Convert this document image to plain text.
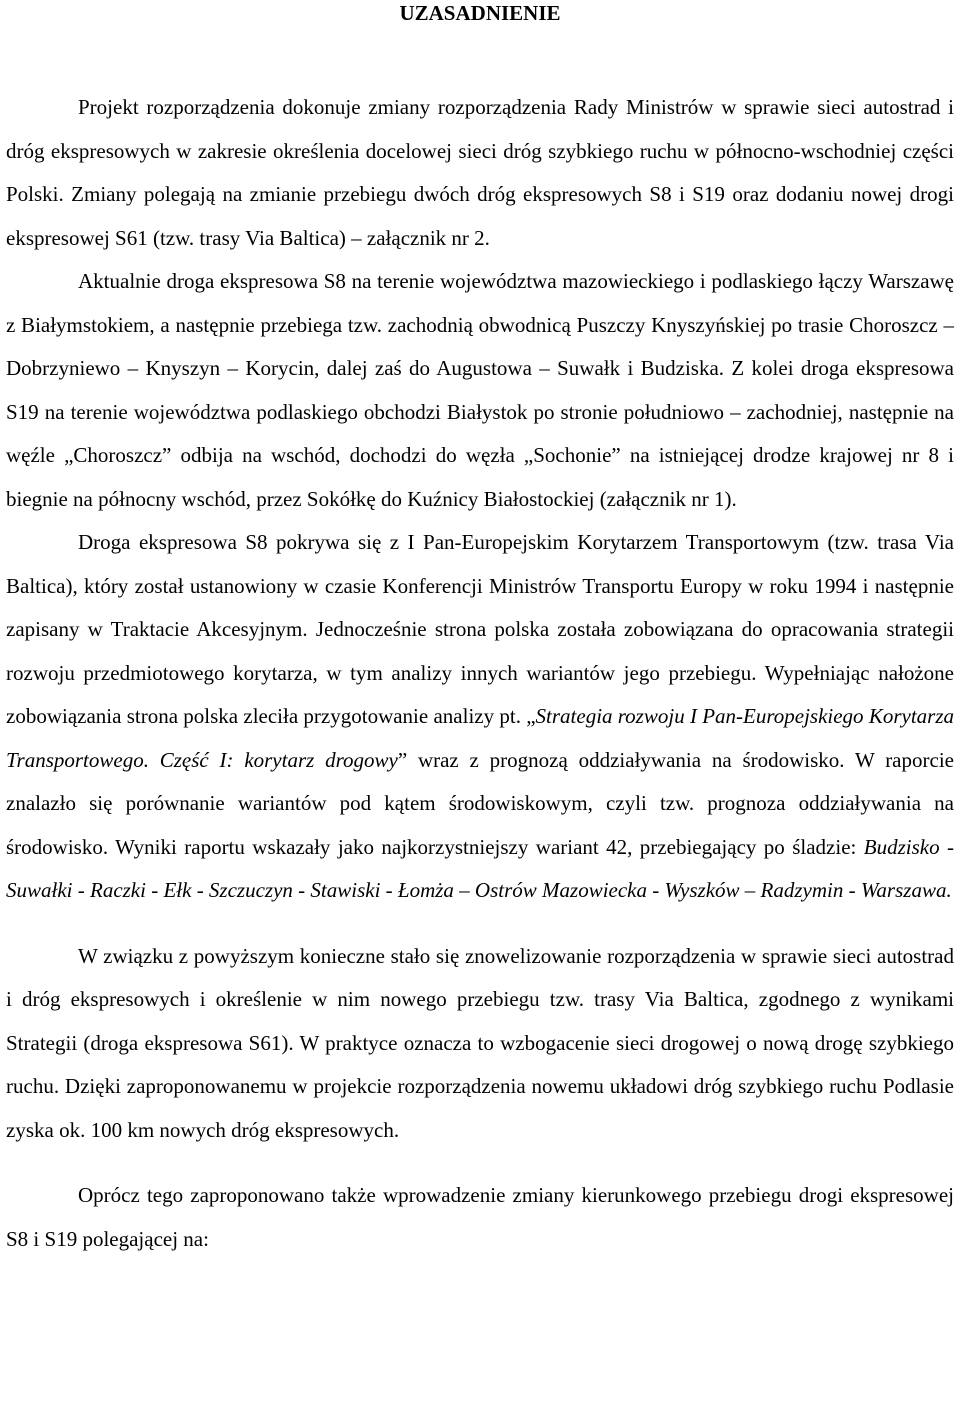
UZASADNIENIE

Projekt rozporządzenia dokonuje zmiany rozporządzenia Rady Ministrów w sprawie sieci autostrad i dróg ekspresowych w zakresie określenia docelowej sieci dróg szybkiego ruchu w północno-wschodniej części Polski. Zmiany polegają na zmianie przebiegu dwóch dróg ekspresowych S8 i S19 oraz dodaniu nowej drogi ekspresowej S61 (tzw. trasy Via Baltica) – załącznik nr 2.

Aktualnie droga ekspresowa S8 na terenie województwa mazowieckiego i podlaskiego łączy Warszawę z Białymstokiem, a następnie przebiega tzw. zachodnią obwodnicą Puszczy Knyszyńskiej po trasie Choroszcz – Dobrzyniewo – Knyszyn – Korycin, dalej zaś do Augustowa – Suwałk i Budziska. Z kolei droga ekspresowa S19 na terenie województwa podlaskiego obchodzi Białystok po stronie południowo – zachodniej, następnie na węźle „Choroszcz” odbija na wschód, dochodzi do węzła „Sochonie” na istniejącej drodze krajowej nr 8 i biegnie na północny wschód, przez Sokółkę do Kuźnicy Białostockiej (załącznik nr 1).

Droga ekspresowa S8 pokrywa się z I Pan-Europejskim Korytarzem Transportowym (tzw. trasa Via Baltica), który został ustanowiony w czasie Konferencji Ministrów Transportu Europy w roku 1994 i następnie zapisany w Traktacie Akcesyjnym. Jednocześnie strona polska została zobowiązana do opracowania strategii rozwoju przedmiotowego korytarza, w tym analizy innych wariantów jego przebiegu. Wypełniając nałożone zobowiązania strona polska zleciła przygotowanie analizy pt. „Strategia rozwoju I Pan-Europejskiego Korytarza Transportowego. Część I: korytarz drogowy” wraz z prognozą oddziaływania na środowisko. W raporcie znalazło się porównanie wariantów pod kątem środowiskowym, czyli tzw. prognoza oddziaływania na środowisko. Wyniki raportu wskazały jako najkorzystniejszy wariant 42, przebiegający po śladzie: Budzisko - Suwałki - Raczki - Ełk - Szczuczyn - Stawiski - Łomża – Ostrów Mazowiecka - Wyszków – Radzymin - Warszawa.

W związku z powyższym konieczne stało się znowelizowanie rozporządzenia w sprawie sieci autostrad i dróg ekspresowych i określenie w nim nowego przebiegu tzw. trasy Via Baltica, zgodnego z wynikami Strategii (droga ekspresowa S61). W praktyce oznacza to wzbogacenie sieci drogowej o nową drogę szybkiego ruchu. Dzięki zaproponowanemu w projekcie rozporządzenia nowemu układowi dróg szybkiego ruchu Podlasie zyska ok. 100 km nowych dróg ekspresowych.

Oprócz tego zaproponowano także wprowadzenie zmiany kierunkowego przebiegu drogi ekspresowej S8 i S19 polegającej na:
